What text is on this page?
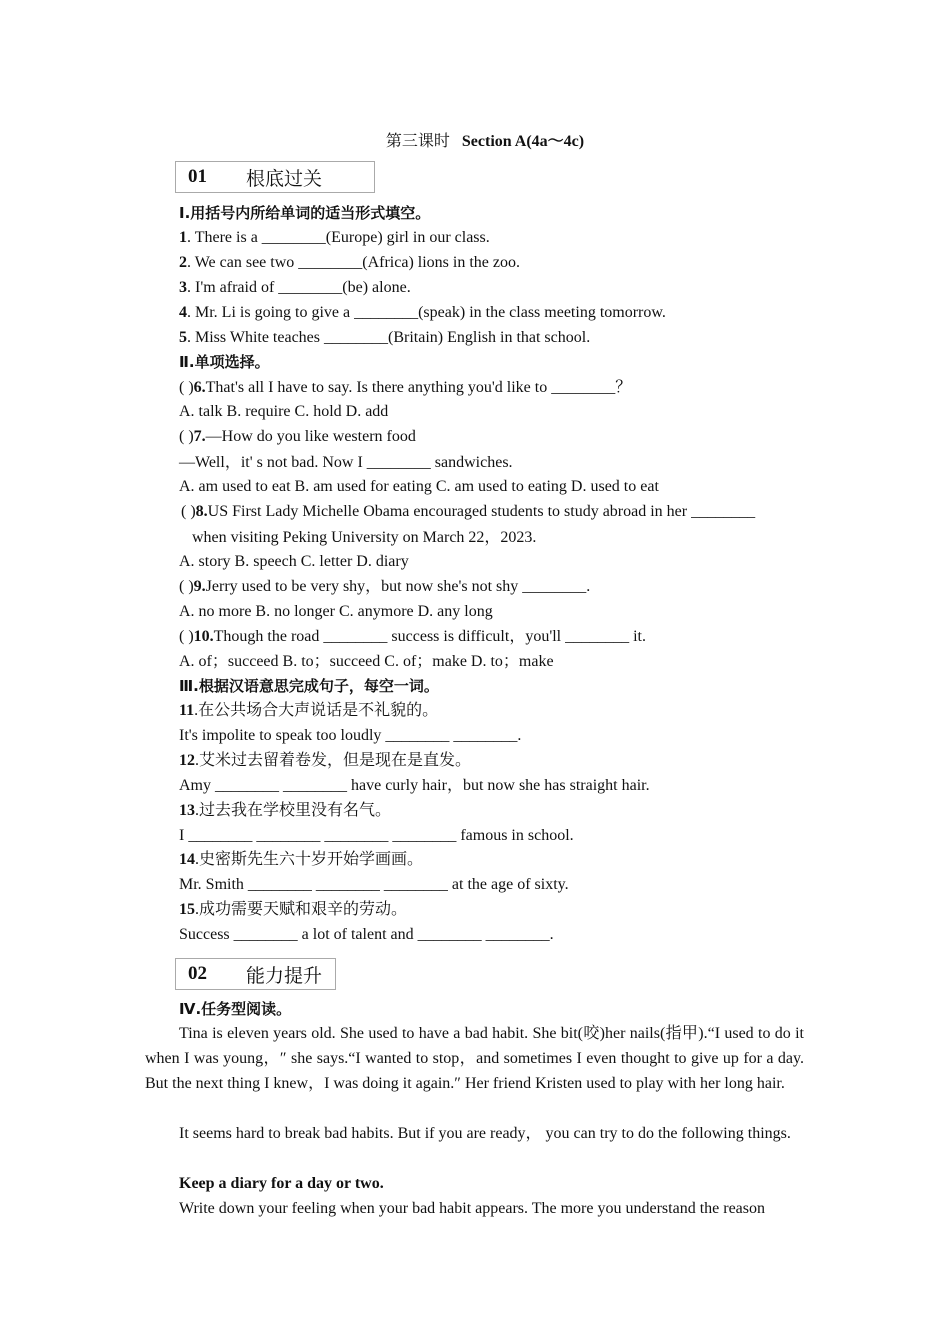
第三课时 Section A(4a～4c)
01	根底过关
Ⅰ.用括号内所给单词的适当形式填空。
1. There is a ________(Europe) girl in our class.
2. We can see two ________(Africa) lions in the zoo.
3. I'm afraid of ________(be) alone.
4. Mr. Li is going to give a ________(speak) in the class meeting tomorrow.
5. Miss White teaches ________(Britain) English in that school.
Ⅱ.单项选择。
( )6.That's all I have to say. Is there anything you'd like to ________？
A. talk B. require C. hold D. add
( )7.—How do you like western food
—Well，it' s not bad. Now I ________ sandwiches.
A. am used to eat B. am used for eating C. am used to eating D. used to eat
( )8.US First Lady Michelle Obama encouraged students to study abroad in her ________
when visiting Peking University on March 22，2023.
A. story B. speech C. letter D. diary
( )9.Jerry used to be very shy，but now she's not shy ________.
A. no more B. no longer C. anymore D. any long
( )10.Though the road ________ success is difficult，you'll ________ it.
A. of；succeed B. to；succeed C. of；make D. to；make
Ⅲ.根据汉语意思完成句子，每空一词。
11.在公共场合大声说话是不礼貌的。
It's impolite to speak too loudly ________ ________.
12.艾米过去留着卷发，但是现在是直发。
Amy ________ ________ have curly hair，but now she has straight hair.
13.过去我在学校里没有名气。
I ________ ________ ________ ________ famous in school.
14.史密斯先生六十岁开始学画画。
Mr. Smith ________ ________ ________ at the age of sixty.
15.成功需要天赋和艰辛的劳动。
Success ________ a lot of talent and ________ ________.
02	能力提升
Ⅳ.任务型阅读。
Tina is eleven years old. She used to have a bad habit. She bit(咬)her nails(指甲).“I used to do it when I was young，″ she says.“I wanted to stop，and sometimes I even thought to give up for a day. But the next thing I knew，I was doing it again.″ Her friend Kristen used to play with her long hair.
It seems hard to break bad habits. But if you are ready， you can try to do the following things.
Keep a diary for a day or two.
Write down your feeling when your bad habit appears. The more you understand the reason
